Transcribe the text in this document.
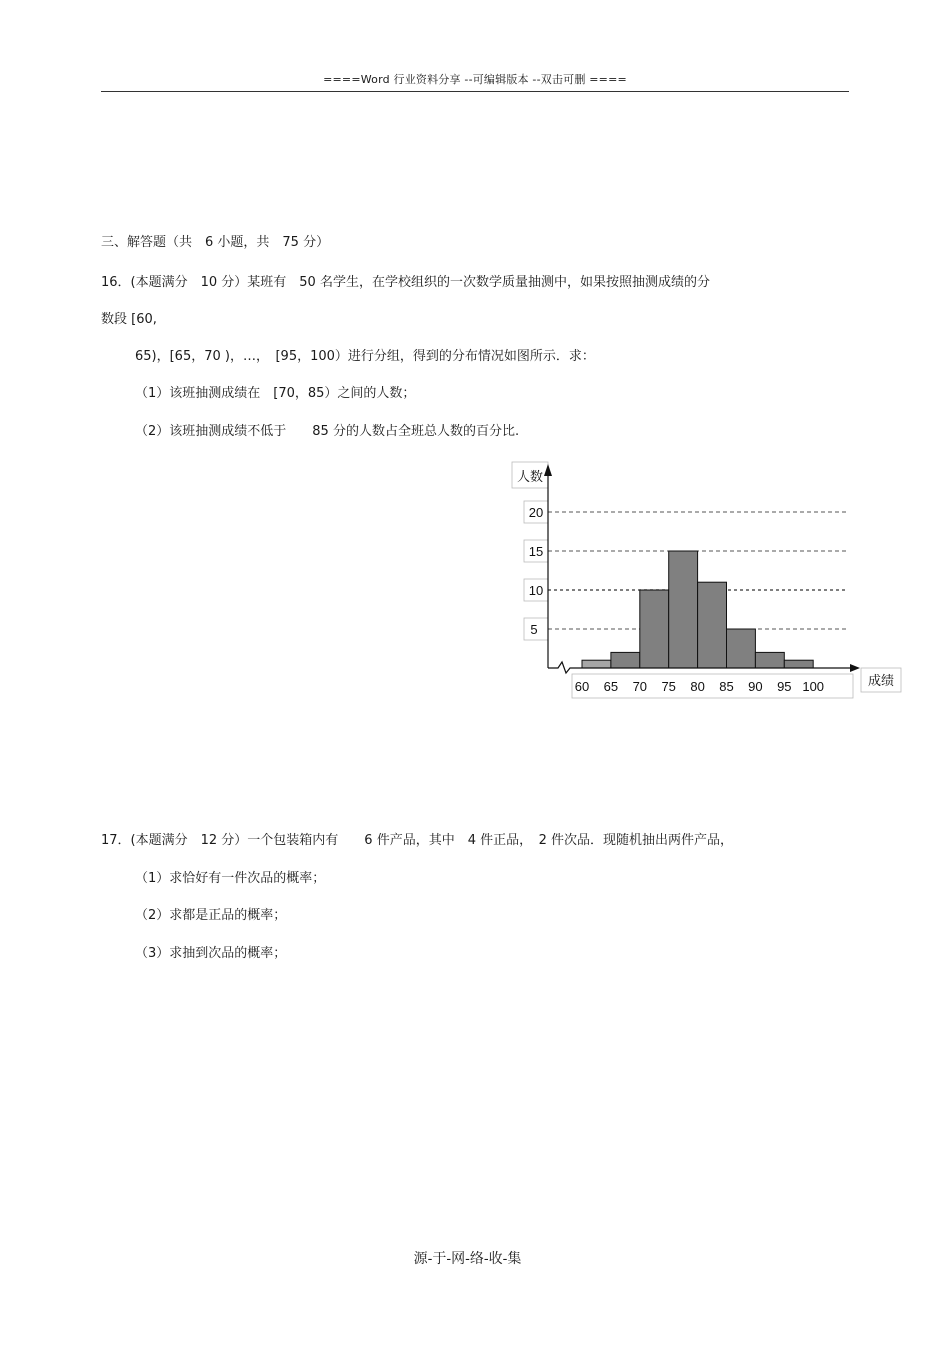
====Word 行业资料分享 --可编辑版本 --双击可删 ====
三、解答题（共　6 小题，共　75 分）
16．(本题满分　10 分）某班有　50 名学生，在学校组织的一次数学质量抽测中，如果按照抽测成绩的分
数段 [60,
65)，[65，70 )，…，　[95，100）进行分组，得到的分布情况如图所示．求：
（1）该班抽测成绩在　[70，85）之间的人数；
（2）该班抽测成绩不低于　　85 分的人数占全班总人数的百分比.
人数
20
15
10
5
60 65 70 75 80 85 90 95 100	成绩
17．(本题满分　12 分）一个包装箱内有　　6 件产品，其中　4 件正品，　2 件次品．现随机抽出两件产品，
（1）求恰好有一件次品的概率；
（2）求都是正品的概率；
（3）求抽到次品的概率；
源-于-网-络-收-集
